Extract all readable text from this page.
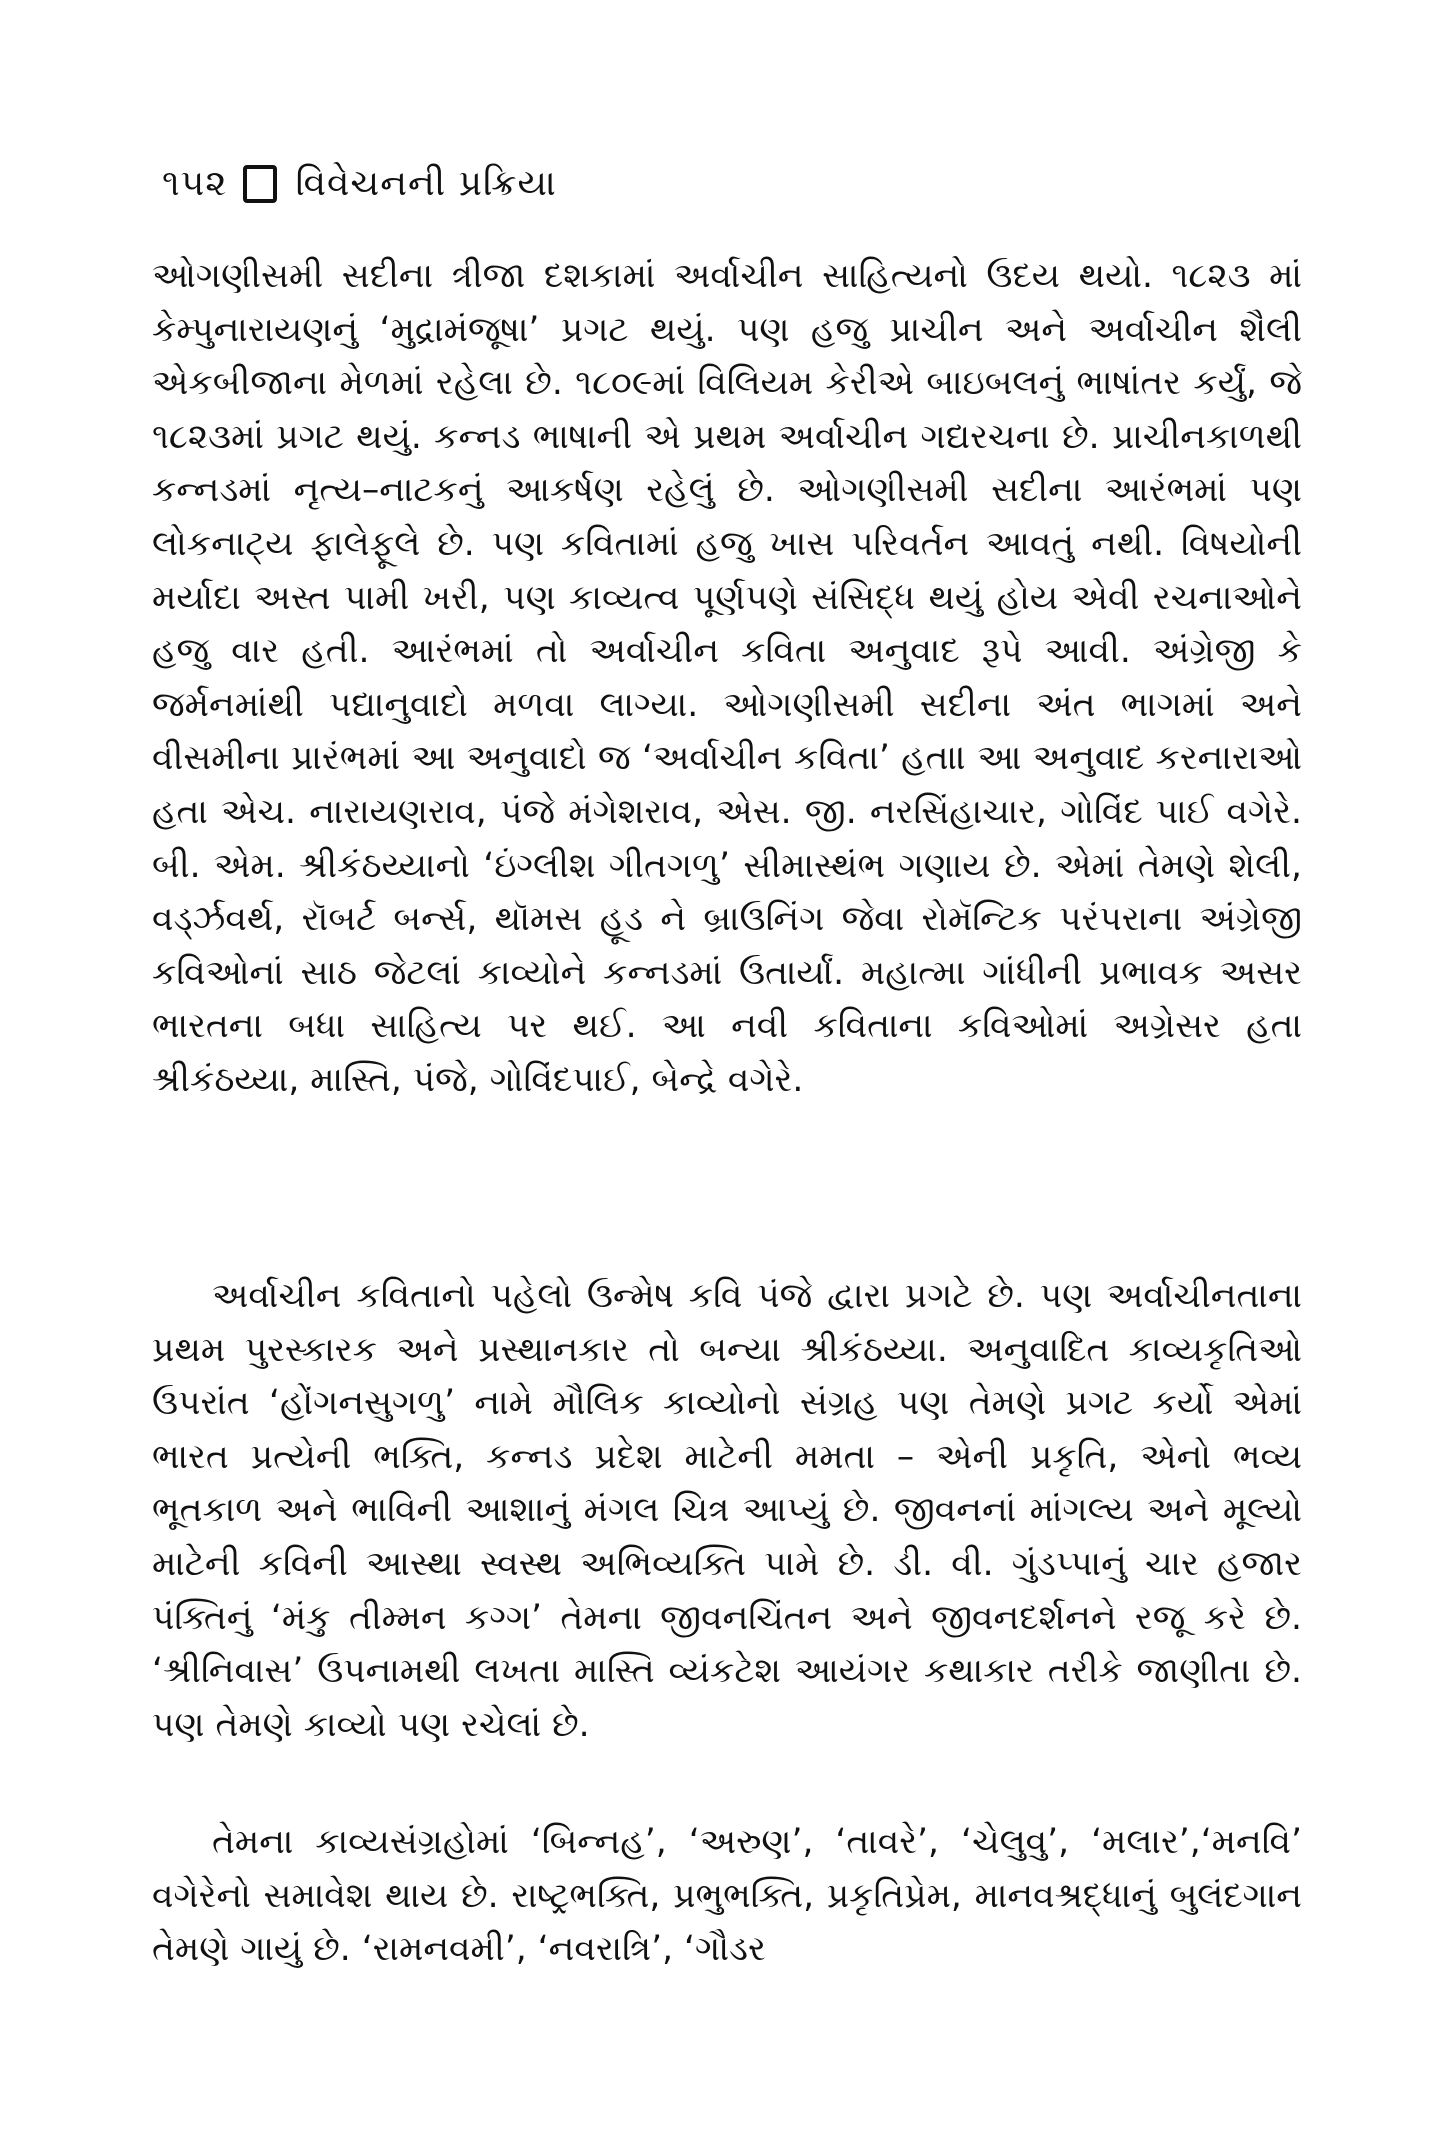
૧૫૨ વિવેચનની પ્રક્રિયા

ઓગણીસમી સદીના ત્રીજા દશકામાં અર્વાચીન સાહિત્યનો ઉદય થયો. ૧૮૨૩ માં કેમ્પુનારાયણનું ‘મુદ્રામંજૂષા’ પ્રગટ થયું. પણ હજુ પ્રાચીન અને અર્વાચીન શૈલી એકબીજાના મેળમાં રહેલા છે. ૧૮૦૯માં વિલિયમ કેરીએ બાઇબલનું ભાષાંતર કર્યું, જે ૧૮૨૩માં પ્રગટ થયું. કન્નડ ભાષાની એ પ્રથમ અર્વાચીન ગદ્યરચના છે. પ્રાચીનકાળથી કન્નડમાં નૃત્ય–નાટકનું આકર્ષણ રહેલું છે. ઓગણીસમી સદીના આરંભમાં પણ લોકનાટ્ય ફાલેફૂલે છે. પણ કવિતામાં હજુ ખાસ પરિવર્તન આવતું નથી. વિષયોની મર્યાદા અસ્ત પામી ખરી, પણ કાવ્યત્વ પૂર્ણપણે સંસિદ્ધ થયું હોય એવી રચનાઓને હજુ વાર હતી. આરંભમાં તો અર્વાચીન કવિતા અનુવાદ રૂપે આવી. અંગ્રેજી કે જર્મનમાંથી પદ્યાનુવાદો મળવા લાગ્યા. ઓગણીસમી સદીના અંત ભાગમાં અને વીસમીના પ્રારંભમાં આ અનુવાદો જ ‘અર્વાચીન કવિતા’ હતા। આ અનુવાદ કરનારાઓ હતા એચ. નારાયણરાવ, પંજે મંગેશરાવ, એસ. જી. નરસિંહાચાર, ગોવિંદ પાઈ વગેરે. બી. એમ. શ્રીકંઠય્યાનો ‘ઇંગ્લીશ ગીતગળુ’ સીમાસ્થંભ ગણાય છે. એમાં તેમણે શેલી, વર્ડ્ઝવર્થ, રૉબર્ટ બર્ન્સ, થૉમસ હૂડ ને બ્રાઉનિંગ જેવા રોમૅન્ટિક પરંપરાના અંગ્રેજી કવિઓનાં સાઠ જેટલાં કાવ્યોને કન્નડમાં ઉતાર્યાં. મહાત્મા ગાંધીની પ્રભાવક અસર ભારતના બધા સાહિત્ય પર થઈ. આ નવી કવિતાના કવિઓમાં અગ્રેસર હતા શ્રીકંઠય્યા, માસ્તિ, પંજે, ગોવિંદપાઈ, બેન્દ્રે વગેરે.

અર્વાચીન કવિતાનો પહેલો ઉન્મેષ કવિ પંજે દ્વારા પ્રગટે છે. પણ અર્વાચીનતાના પ્રથમ પુરસ્કારક અને પ્રસ્થાનકાર તો બન્યા શ્રીકંઠય્યા. અનુવાદિત કાવ્યકૃતિઓ ઉપરાંત ‘હોંગનસુગળુ’ નામે મૌલિક કાવ્યોનો સંગ્રહ પણ તેમણે પ્રગટ કર્યો એમાં ભારત પ્રત્યેની ભક્તિ, કન્નડ પ્રદેશ માટેની મમતા – એની પ્રકૃતિ, એનો ભવ્ય ભૂતકાળ અને ભાવિની આશાનું મંગલ ચિત્ર આપ્યું છે. જીવનનાં માંગલ્ય અને મૂલ્યો માટેની કવિની આસ્થા સ્વસ્થ અભિવ્યક્તિ પામે છે. ડી. વી. ગુંડપ્પાનું ચાર હજાર પંક્તિનું ‘મંકુ તીમ્મન કગ્ગ’ તેમના જીવનચિંતન અને જીવનદર્શનને રજૂ કરે છે. ‘શ્રીનિવાસ’ ઉપનામથી લખતા માસ્તિ વ્યંકટેશ આયંગર કથાકાર તરીકે જાણીતા છે. પણ તેમણે કાવ્યો પણ રચેલાં છે.

તેમના કાવ્યસંગ્રહોમાં ‘બિન્નહ’, ‘અરુણ’, ‘તાવરે’, ‘ચેલુવુ’, ‘મલાર’,‘મનવિ’ વગેરેનો સમાવેશ થાય છે. રાષ્ટ્રભક્તિ, પ્રભુભક્તિ, પ્રકૃતિપ્રેમ, માનવશ્રદ્ધાનું બુલંદગાન તેમણે ગાયું છે. ‘રામનવમી’, ‘નવરાત્રિ’, ‘ગૌડર
